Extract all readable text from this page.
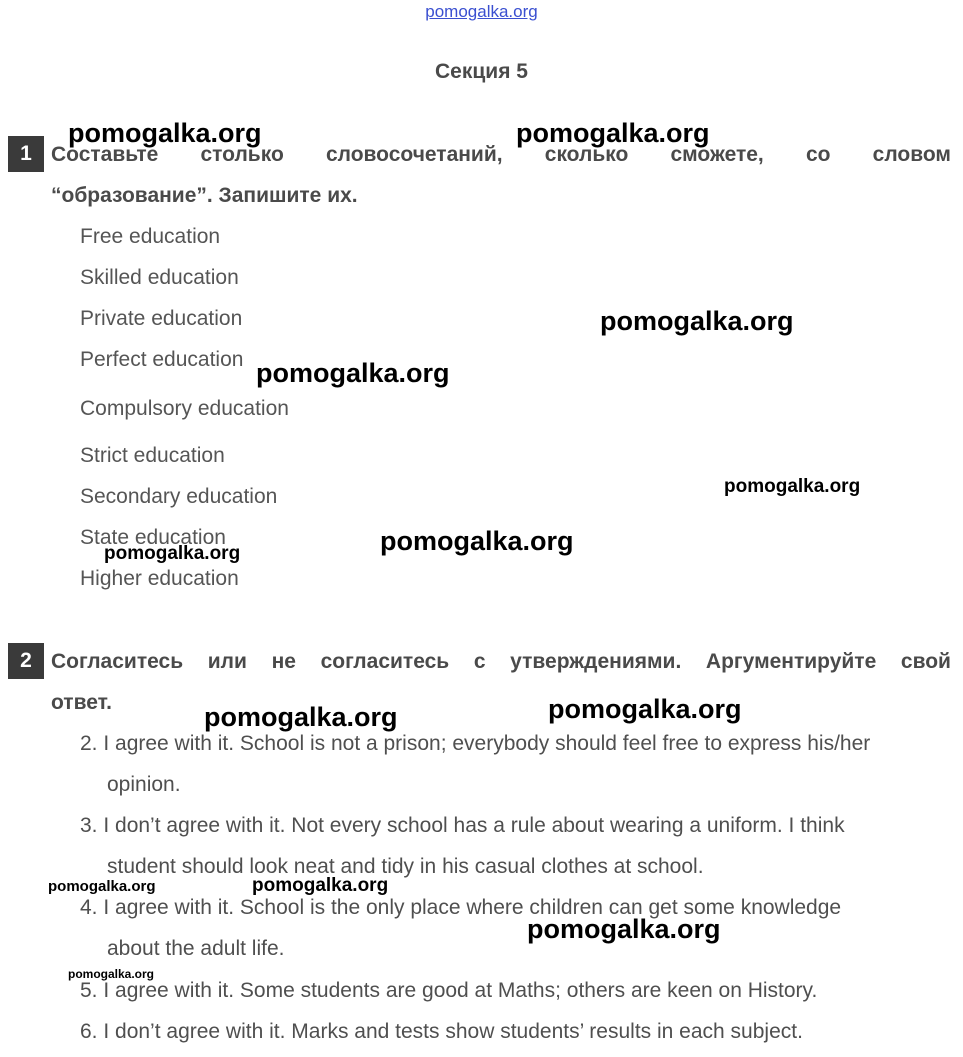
pomogalka.org
Секция 5
1 Составьте столько словосочетаний, сколько сможете, со словом
“образование”. Запишите их.
Free education
Skilled education
Private education
Perfect education
Compulsory education
Strict education
Secondary education
State education
Higher education
2 Согласитесь или не согласитесь с утверждениями. Аргументируйте свой
ответ.
2. I agree with it. School is not a prison; everybody should feel free to express his/her
opinion.
3. I don’t agree with it. Not every school has a rule about wearing a uniform. I think
student should look neat and tidy in his casual clothes at school.
4. I agree with it. School is the only place where children can get some knowledge
about the adult life.
5. I agree with it. Some students are good at Maths; others are keen on History.
6. I don’t agree with it. Marks and tests show students’ results in each subject.
pomogalka.org	pomogalka.org
pomogalka.org
pomogalka.org
pomogalka.org
pomogalka.org
pomogalka.org
pomogalka.org
pomogalka.org
pomogalka.org	pomogalka.org
pomogalka.org
pomogalka.org
